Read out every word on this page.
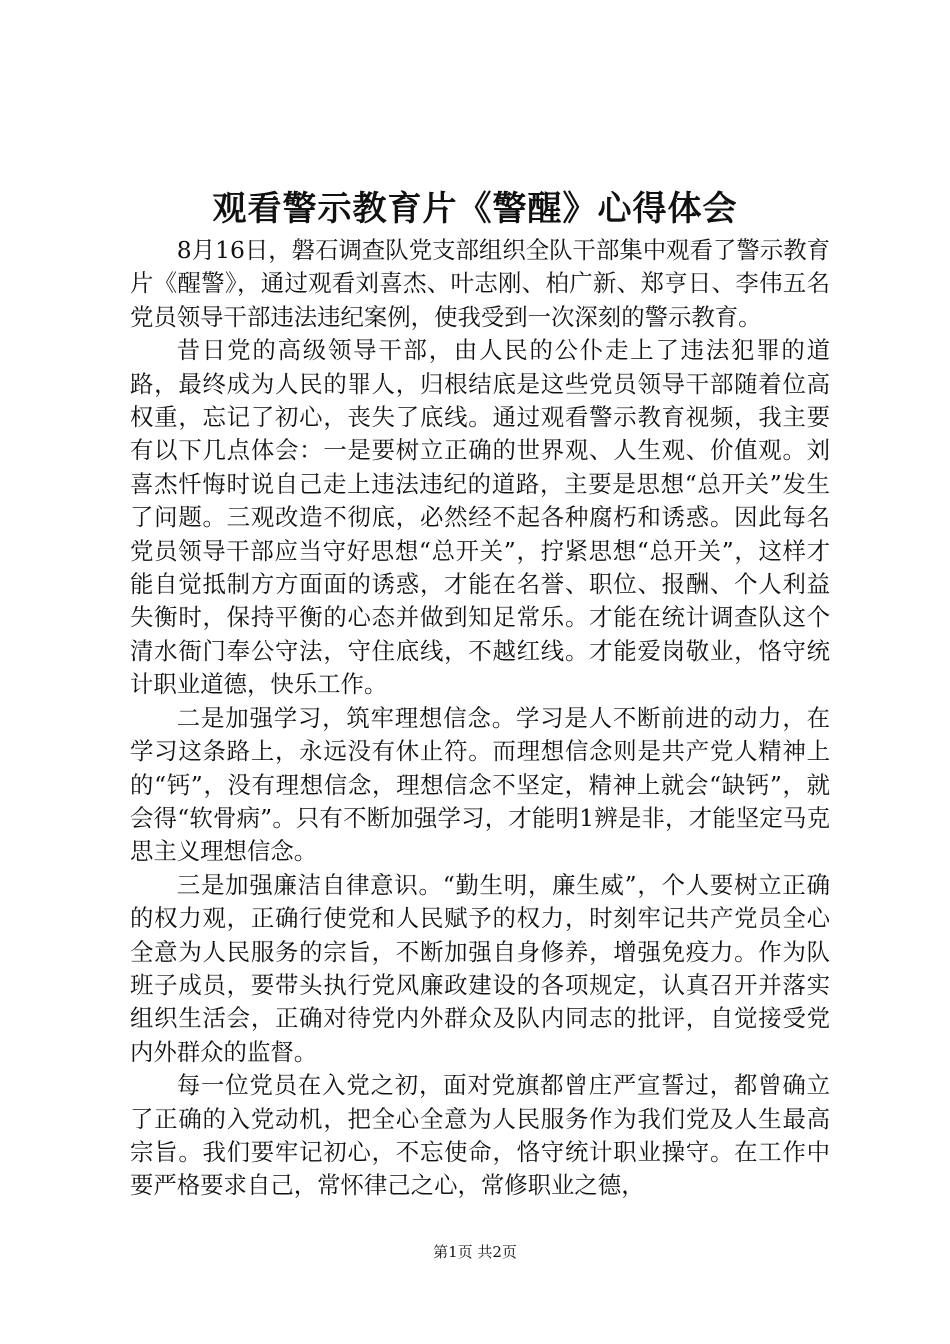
观看警示教育片《警醒》心得体会

8月16日，磐石调查队党支部组织全队干部集中观看了警示教育片《醒警》，通过观看刘喜杰、叶志刚、柏广新、郑亨日、李伟五名党员领导干部违法违纪案例，使我受到一次深刻的警示教育。

昔日党的高级领导干部，由人民的公仆走上了违法犯罪的道路，最终成为人民的罪人，归根结底是这些党员领导干部随着位高权重，忘记了初心，丧失了底线。通过观看警示教育视频，我主要有以下几点体会：一是要树立正确的世界观、人生观、价值观。刘喜杰忏悔时说自己走上违法违纪的道路，主要是思想“总开关”发生了问题。三观改造不彻底，必然经不起各种腐朽和诱惑。因此每名党员领导干部应当守好思想“总开关”，拧紧思想“总开关”，这样才能自觉抵制方方面面的诱惑，才能在名誉、职位、报酬、个人利益失衡时，保持平衡的心态并做到知足常乐。才能在统计调查队这个清水衙门奉公守法，守住底线，不越红线。才能爱岗敬业，恪守统计职业道德，快乐工作。

二是加强学习，筑牢理想信念。学习是人不断前进的动力，在学习这条路上，永远没有休止符。而理想信念则是共产党人精神上的“钙”，没有理想信念，理想信念不坚定，精神上就会“缺钙”，就会得“软骨病”。只有不断加强学习，才能明1辨是非，才能坚定马克思主义理想信念。

三是加强廉洁自律意识。“勤生明，廉生威”，个人要树立正确的权力观，正确行使党和人民赋予的权力，时刻牢记共产党员全心全意为人民服务的宗旨，不断加强自身修养，增强免疫力。作为队班子成员，要带头执行党风廉政建设的各项规定，认真召开并落实组织生活会，正确对待党内外群众及队内同志的批评，自觉接受党内外群众的监督。

每一位党员在入党之初，面对党旗都曾庄严宣誓过，都曾确立了正确的入党动机，把全心全意为人民服务作为我们党及人生最高宗旨。我们要牢记初心，不忘使命，恪守统计职业操守。在工作中要严格要求自己，常怀律己之心，常修职业之德，

第1页 共2页
